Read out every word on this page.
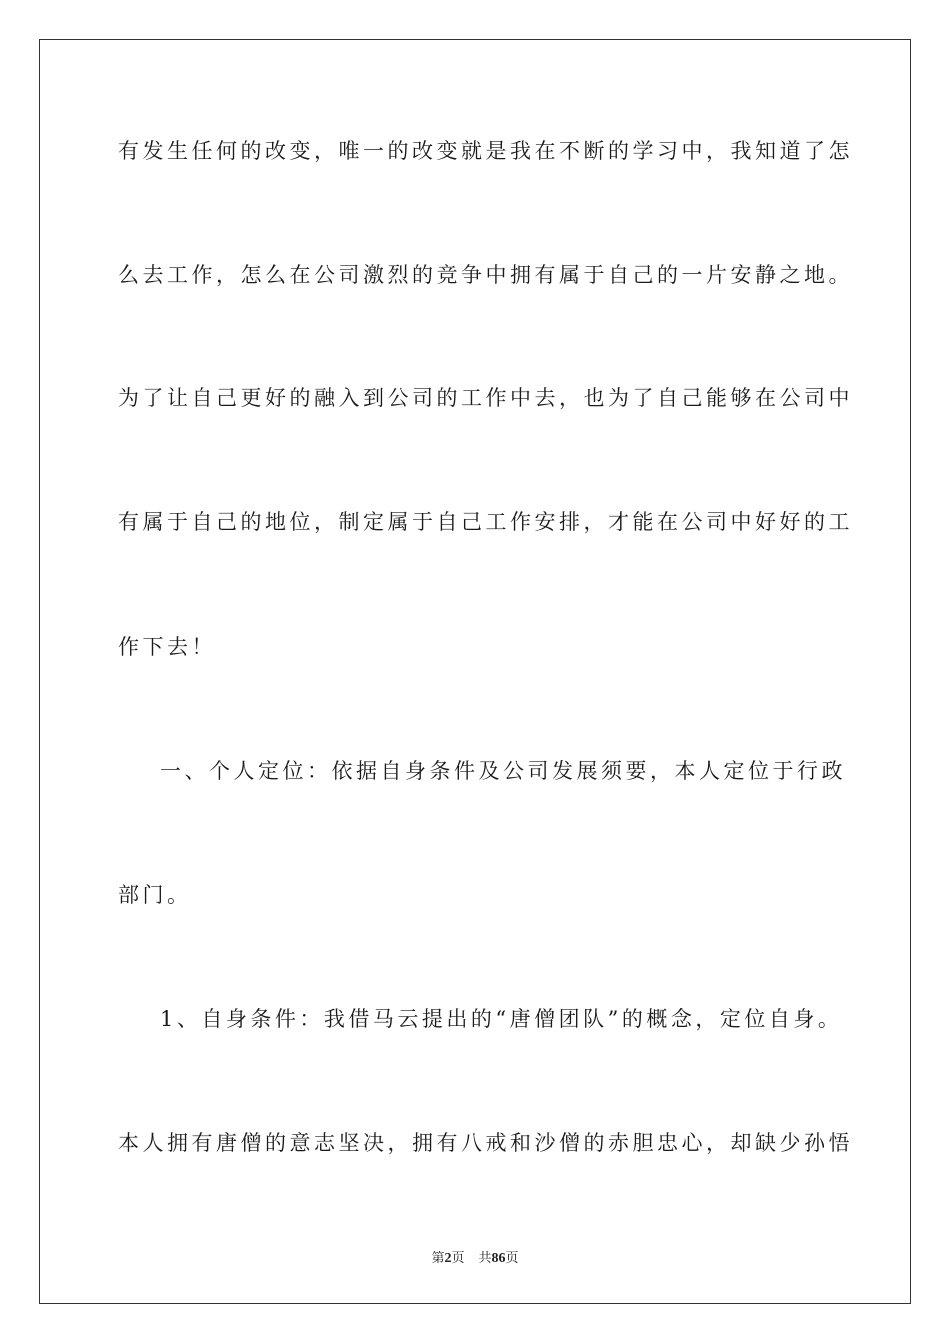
有发生任何的改变，唯一的改变就是我在不断的学习中，我知道了怎
么去工作，怎么在公司激烈的竞争中拥有属于自己的一片安静之地。
为了让自己更好的融入到公司的工作中去，也为了自己能够在公司中
有属于自己的地位，制定属于自己工作安排，才能在公司中好好的工
作下去！
一、个人定位：依据自身条件及公司发展须要，本人定位于行政
部门。
1、自身条件：我借马云提出的“唐僧团队”的概念，定位自身。
本人拥有唐僧的意志坚决，拥有八戒和沙僧的赤胆忠心，却缺少孙悟
第2页 共86页
